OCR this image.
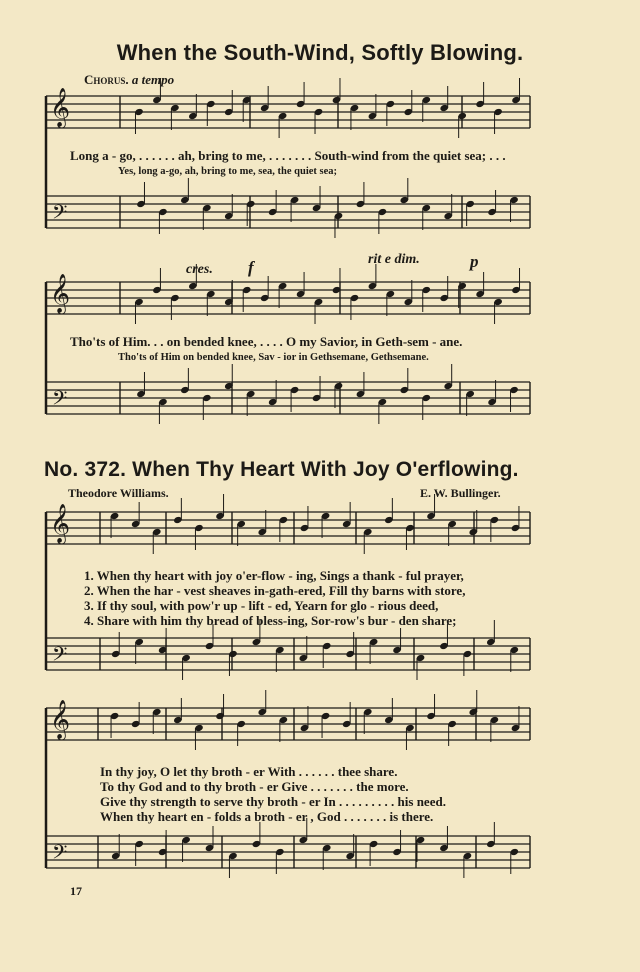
When the South-Wind, Softly Blowing.
Chorus. a tempo
𝄞
𝄢
𝄞
𝄢
𝄞
𝄢
𝄞
𝄢
Long a - go, . . . . . . ah, bring to me, . . . . . . . South-wind from the quiet sea; . . .
Yes, long a-go, ah, bring to me, sea, the quiet sea;
cres. f	rit e dim.	p
Tho'ts of Him. . . on bended knee, . . . . O my Savior, in Geth-sem - ane.
Tho'ts of Him on bended knee, Sav - ior in Gethsemane, Gethsemane.
No. 372. When Thy Heart With Joy O'erflowing.
Theodore Williams.	E. W. Bullinger.
1. When thy heart with joy o'er-flow - ing, Sings a thank - ful prayer,
2. When the har - vest sheaves in-gath-ered, Fill thy barns with store,
3. If thy soul, with pow'r up - lift - ed, Yearn for glo - rious deed,
4. Share with him thy bread of bless-ing, Sor-row's bur - den share;
In thy joy, O let thy broth - er With . . . . . . thee share.
To thy God and to thy broth - er Give . . . . . . . the more.
Give thy strength to serve thy broth - er In . . . . . . . . . his need.
When thy heart en - folds a broth - er , God . . . . . . . is there.
17
